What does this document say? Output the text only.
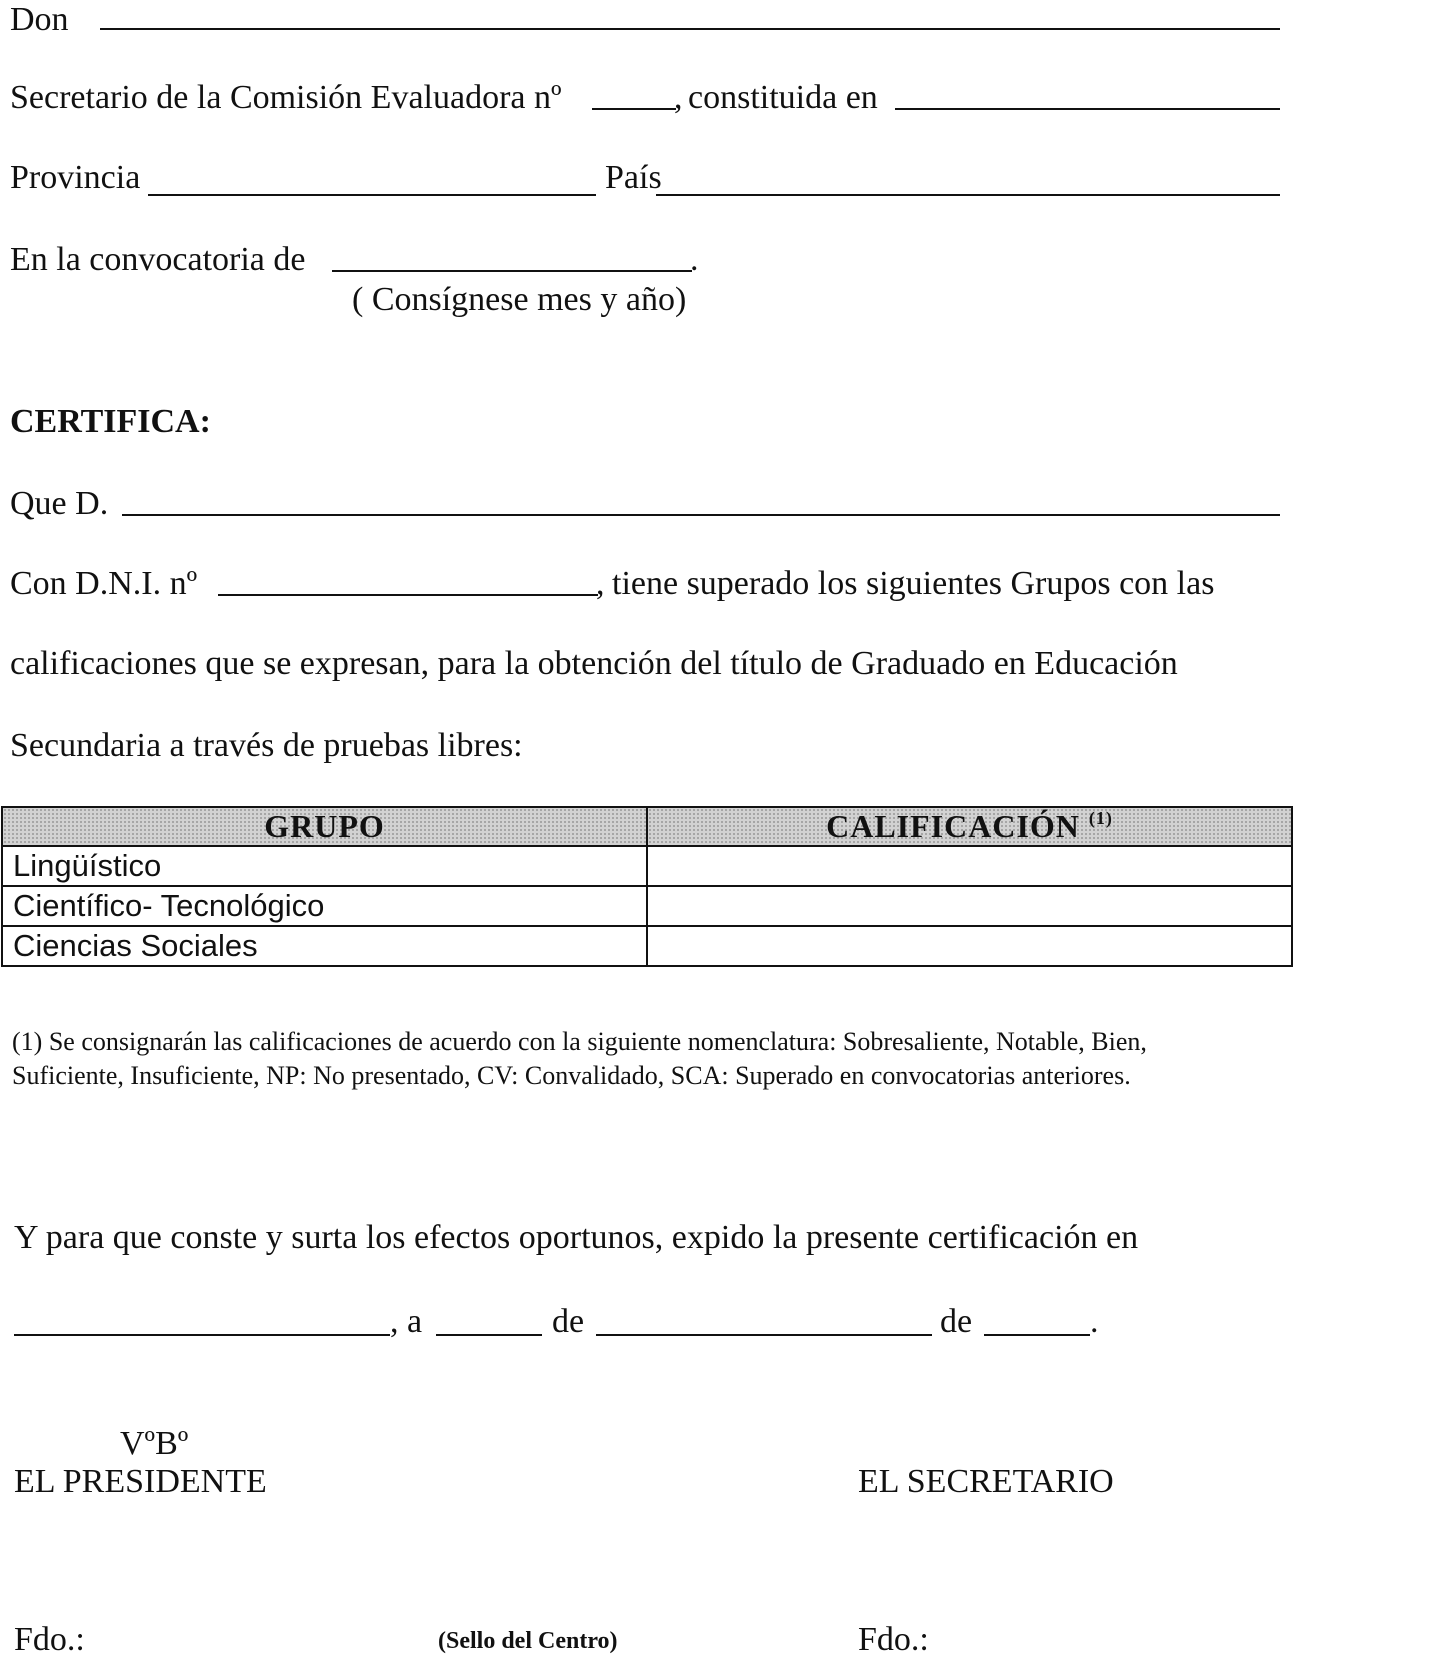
Don
Secretario de la Comisión Evaluadora nº	, constituida en
Provincia	País
En la convocatoria de	.
( Consígnese mes y año)
CERTIFICA:
Que D.
Con D.N.I. nº	, tiene superado los siguientes Grupos con las
calificaciones que se expresan, para la obtención del título de Graduado en Educación
Secundaria a través de pruebas libres:
GRUPO	CALIFICACIÓN $^{(1)}$
Lingüístico	
Científico- Tecnológico	
Ciencias Sociales	
(1) Se consignarán las calificaciones de acuerdo con la siguiente nomenclatura: Sobresaliente, Notable, Bien,
Suficiente, Insuficiente, NP: No presentado, CV: Convalidado, SCA: Superado en convocatorias anteriores.
Y para que conste y surta los efectos oportunos, expido la presente certificación en
, a	de	de	.
VºBº
EL PRESIDENTE	EL SECRETARIO
Fdo.:	(Sello del Centro)	Fdo.:
